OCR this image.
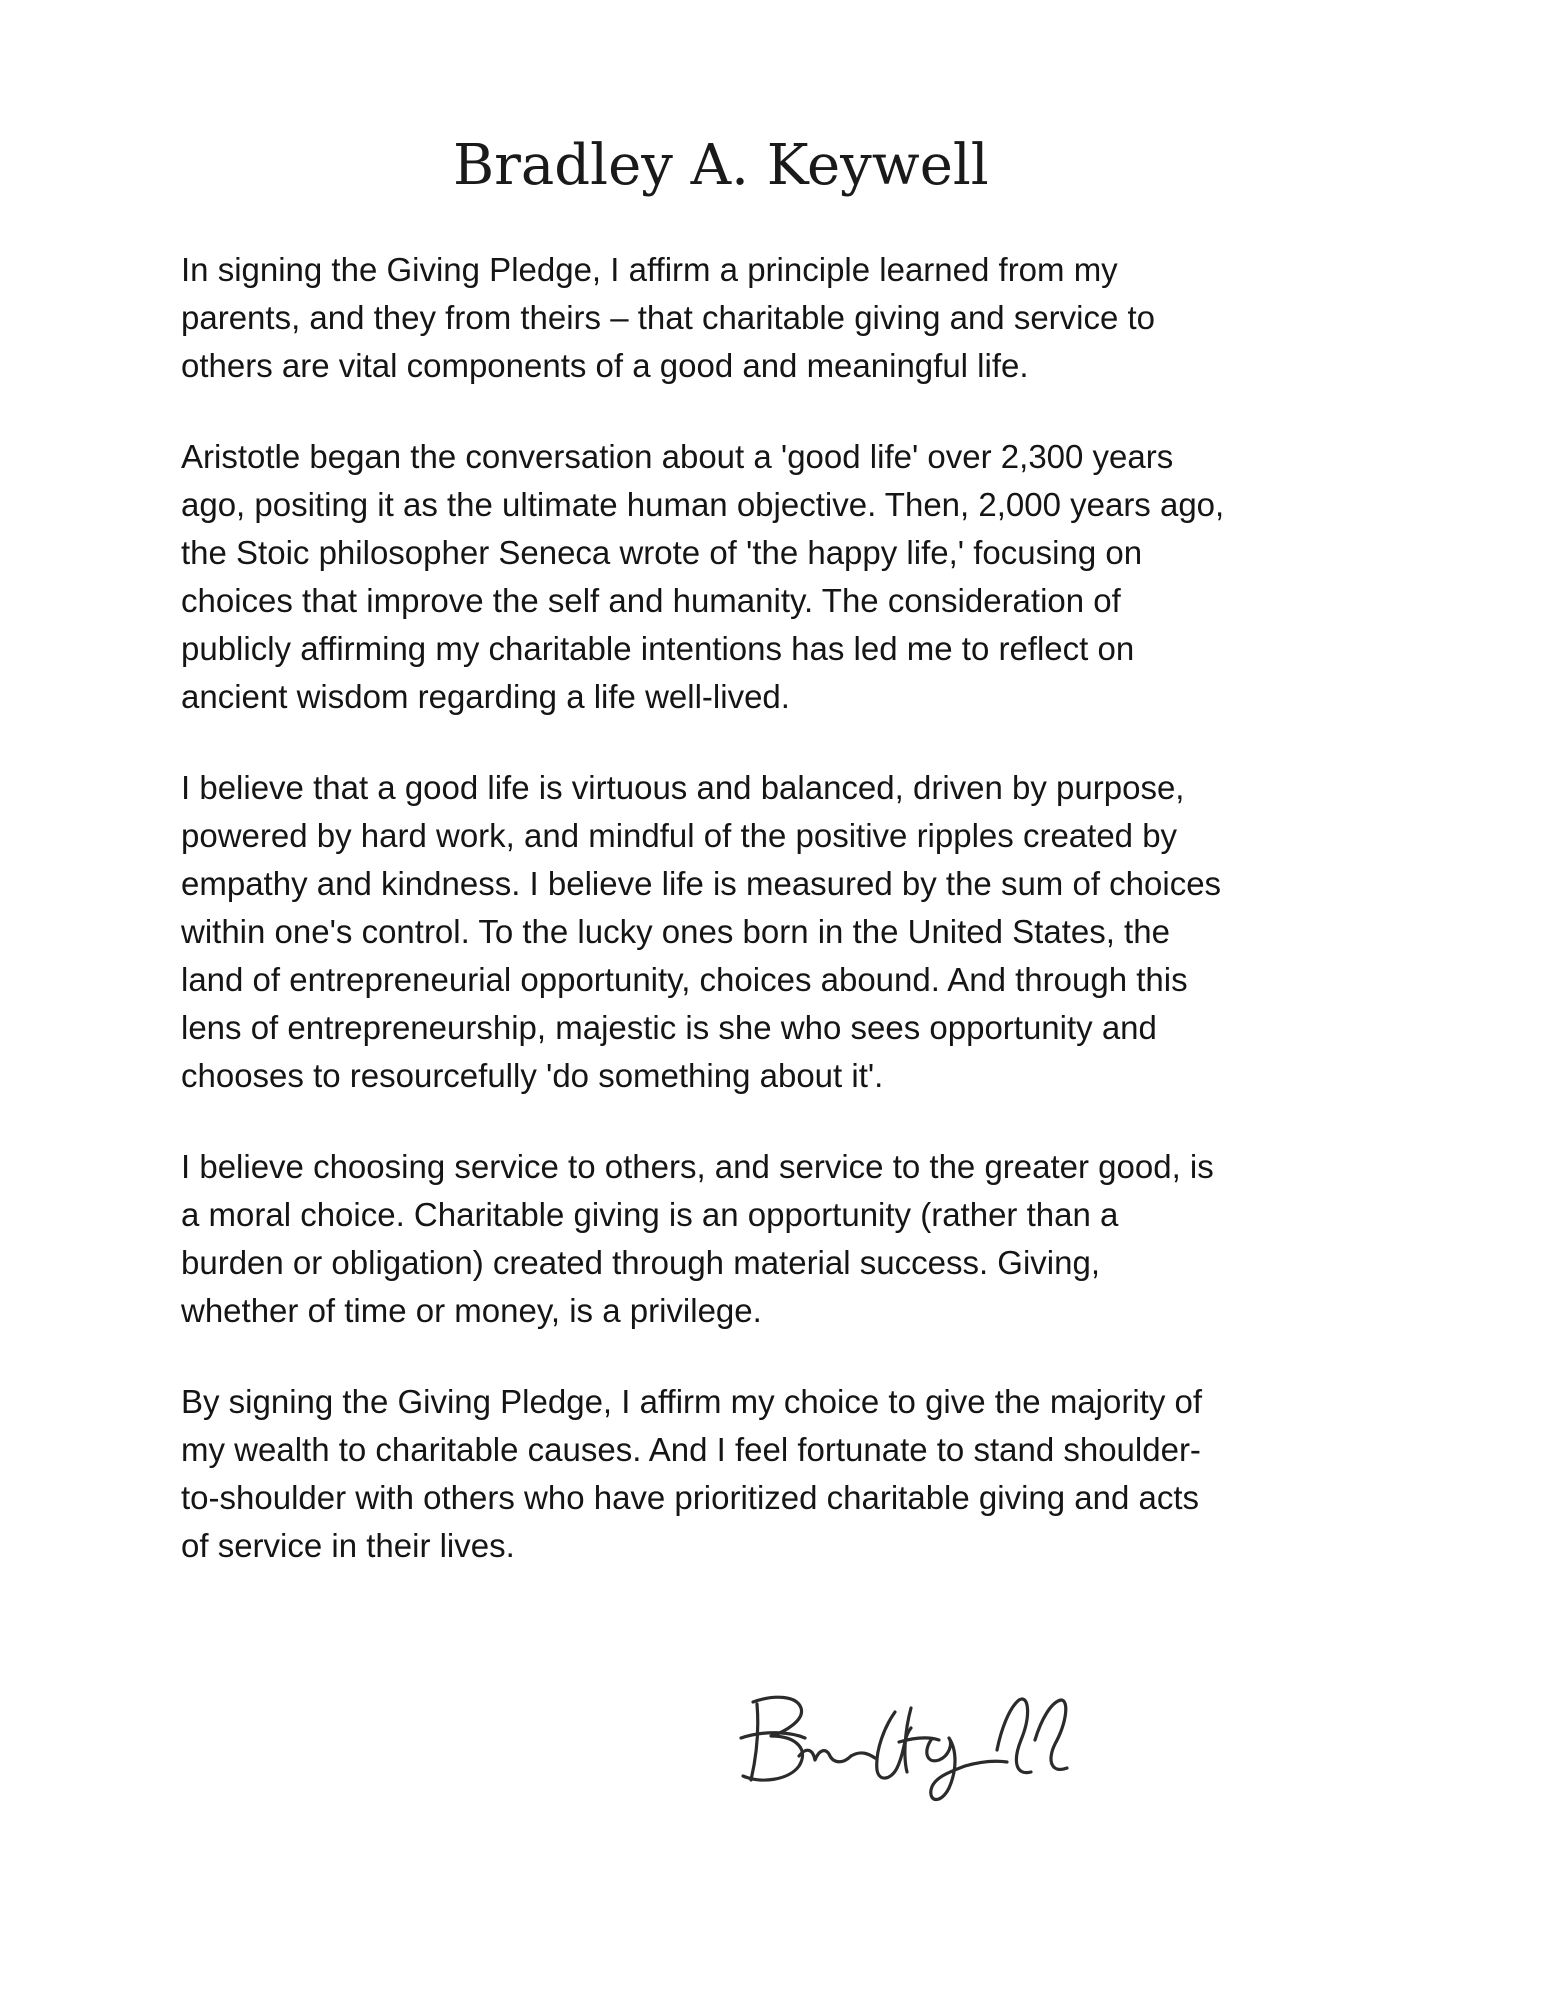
Bradley A. Keywell

In signing the Giving Pledge, I affirm a principle learned from my
parents, and they from theirs – that charitable giving and service to
others are vital components of a good and meaningful life.

Aristotle began the conversation about a 'good life' over 2,300 years
ago, positing it as the ultimate human objective. Then, 2,000 years ago,
the Stoic philosopher Seneca wrote of 'the happy life,' focusing on
choices that improve the self and humanity. The consideration of
publicly affirming my charitable intentions has led me to reflect on
ancient wisdom regarding a life well-lived.

I believe that a good life is virtuous and balanced, driven by purpose,
powered by hard work, and mindful of the positive ripples created by
empathy and kindness. I believe life is measured by the sum of choices
within one's control. To the lucky ones born in the United States, the
land of entrepreneurial opportunity, choices abound. And through this
lens of entrepreneurship, majestic is she who sees opportunity and
chooses to resourcefully 'do something about it'.

I believe choosing service to others, and service to the greater good, is
a moral choice. Charitable giving is an opportunity (rather than a
burden or obligation) created through material success. Giving,
whether of time or money, is a privilege.

By signing the Giving Pledge, I affirm my choice to give the majority of
my wealth to charitable causes. And I feel fortunate to stand shoulder-
to-shoulder with others who have prioritized charitable giving and acts
of service in their lives.
